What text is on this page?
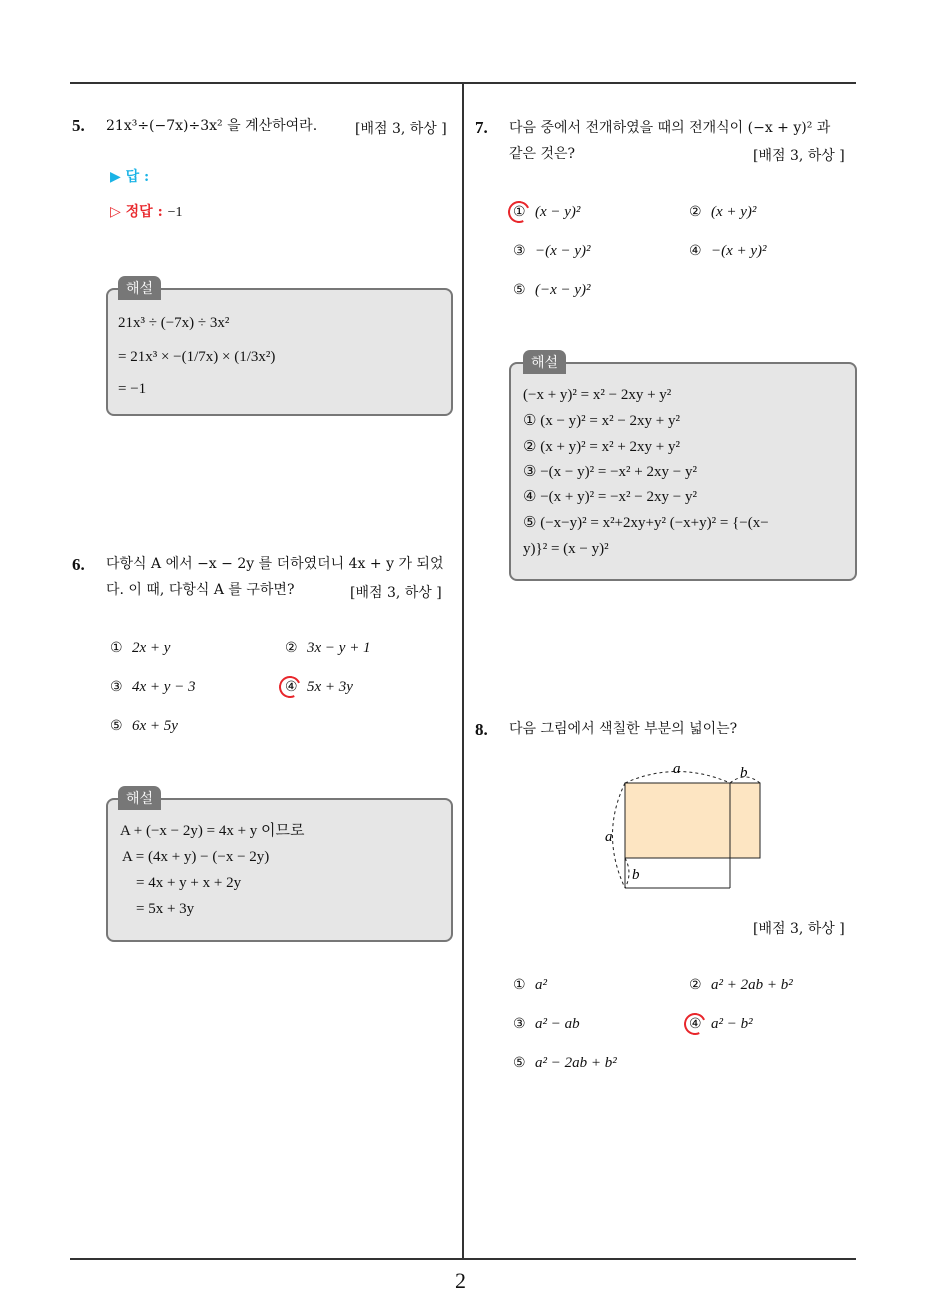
2
5. 21x³÷(−7x)÷3x² 을 계산하여라.	[배점 3, 하상 ]
▶ 답 :
▷ 정답 : −1
21x³ ÷ (−7x) ÷ 3x²
= 21x³ × −(1/7x) × (1/3x²)
= −1
해설
6. 다항식 A 에서 −x − 2y 를 더하였더니 4x + y 가 되었
다. 이 때, 다항식 A 를 구하면?	[배점 3, 하상 ]
① 2x + y	② 3x − y + 1
③ 4x + y − 3	④ 5x + 3y
⑤ 6x + 5y
A + (−x − 2y) = 4x + y 이므로
A = (4x + y) − (−x − 2y)
= 4x + y + x + 2y
= 5x + 3y
해설
7. 다음 중에서 전개하였을 때의 전개식이 (−x + y)² 과
같은 것은?	[배점 3, 하상 ]
① (x − y)²	② (x + y)²
③ −(x − y)²	④ −(x + y)²
⑤ (−x − y)²
(−x + y)² = x² − 2xy + y²
① (x − y)² = x² − 2xy + y²
② (x + y)² = x² + 2xy + y²
③ −(x − y)² = −x² + 2xy − y²
④ −(x + y)² = −x² − 2xy − y²
⑤ (−x−y)² = x²+2xy+y² (−x+y)² = {−(x−
y)}² = (x − y)²
해설
8. 다음 그림에서 색칠한 부분의 넓이는?
a	b
a
b
[배점 3, 하상 ]
① a²	② a² + 2ab + b²
③ a² − ab	④ a² − b²
⑤ a² − 2ab + b²
